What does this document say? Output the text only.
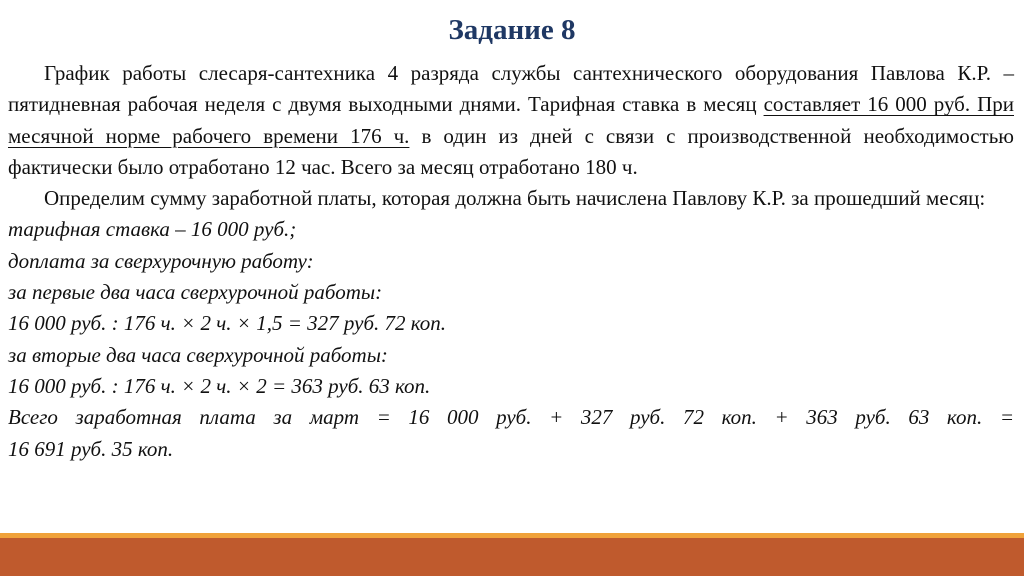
Задание 8

График работы слесаря-сантехника 4 разряда службы сантехнического оборудования Павлова К.Р. – пятидневная рабочая неделя с двумя выходными днями. Тарифная ставка в месяц составляет 16 000 руб. При месячной норме рабочего времени 176 ч. в один из дней с связи с производственной необходимостью фактически было отработано 12 час. Всего за месяц отработано 180 ч.

Определим сумму заработной платы, которая должна быть начислена Павлову К.Р. за прошедший месяц:

тарифная ставка – 16 000 руб.;

доплата за сверхурочную работу:

за первые два часа сверхурочной работы:

16 000 руб. : 176 ч. × 2 ч. × 1,5 = 327 руб. 72 коп.

за вторые два часа сверхурочной работы:

16 000 руб. : 176 ч. × 2 ч. × 2 = 363 руб. 63 коп.

Всего заработная плата за март = 16 000 руб. + 327 руб. 72 коп. + 363 руб. 63 коп. =

16 691 руб. 35 коп.
